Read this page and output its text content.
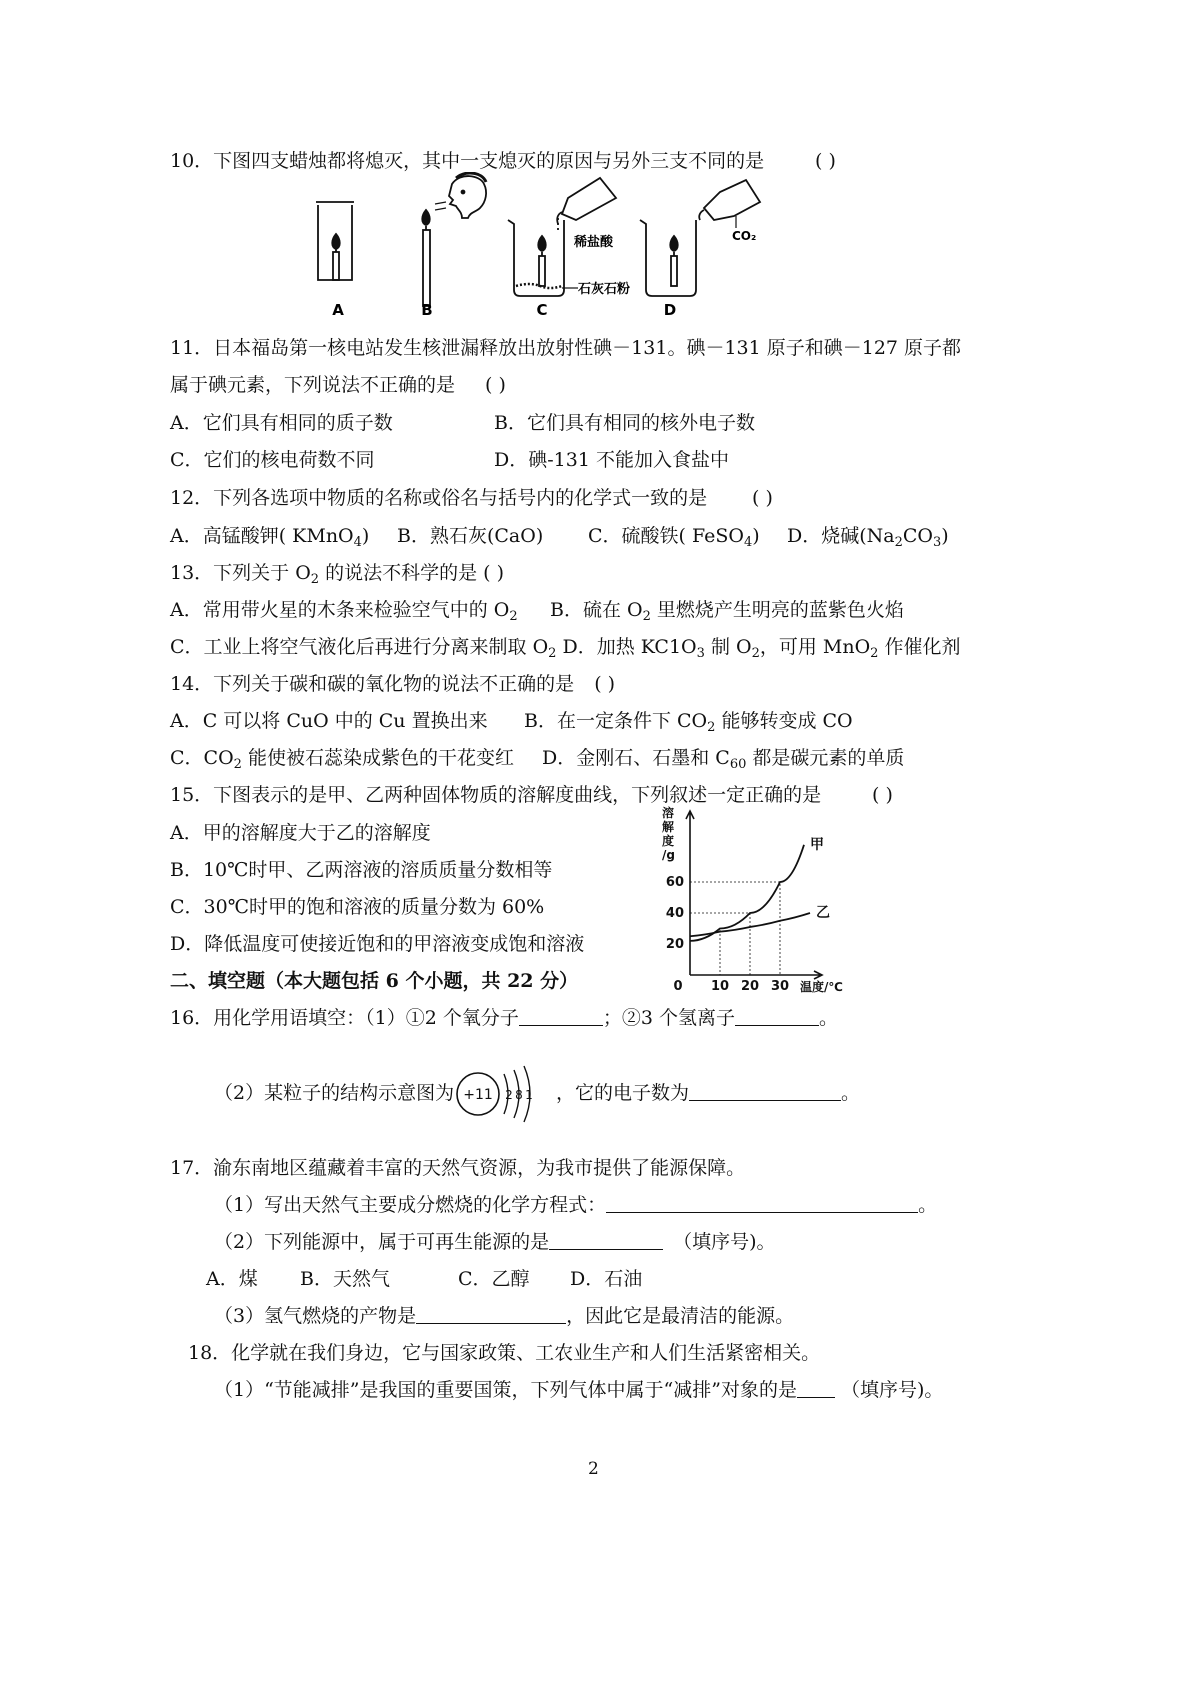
10．下图四支蜡烛都将熄灭，其中一支熄灭的原因与另外三支不同的是	( )
A	B	C	D
稀盐酸
石灰石粉
CO₂
11．日本福岛第一核电站发生核泄漏释放出放射性碘－131。碘－131 原子和碘－127 原子都
属于碘元素，下列说法不正确的是 ( )
A．它们具有相同的质子数	B．它们具有相同的核外电子数
C．它们的核电荷数不同	D．碘-131 不能加入食盐中
12．下列各选项中物质的名称或俗名与括号内的化学式一致的是 ( )
A．高锰酸钾( KMnO$_4$) B．熟石灰(CaO) C．硫酸铁( FeSO$_4$) D．烧碱$(Na_2CO_3)$
13．下列关于 $O_2$ 的说法不科学的是 ( )
A．常用带火星的木条来检验空气中的 $O_2$ B．硫在 $O_2$ 里燃烧产生明亮的蓝紫色火焰
C．工业上将空气液化后再进行分离来制取 $O_2$ D．加热 $KC1O_3$ 制 $O_2$，可用 MnO$_2$ 作催化剂
14．下列关于碳和碳的氧化物的说法不正确的是 ( )
A．C 可以将 CuO 中的 Cu 置换出来 B．在一定条件下 $CO_2$ 能够转变成 CO
C．$CO_2$ 能使被石蕊染成紫色的干花变红 D．金刚石、石墨和 $C_{60}$ 都是碳元素的单质
15．下图表示的是甲、乙两种固体物质的溶解度曲线，下列叙述一定正确的是	( )
A．甲的溶解度大于乙的溶解度
B．10℃时甲、乙两溶液的溶质质量分数相等
C．30℃时甲的饱和溶液的质量分数为 60%
D．降低温度可使接近饱和的甲溶液变成饱和溶液
溶解度/g
温度/℃
20
40
60
0 10 20 30
甲
乙
二、填空题（本大题包括 6 个小题，共 22 分）
16．用化学用语填空：（1）①2 个氧分子	；②3 个氢离子	。
（2）某粒子的结构示意图为 +11 2 8 1 ，它的电子数为	。
17．渝东南地区蕴藏着丰富的天然气资源，为我市提供了能源保障。
（1）写出天然气主要成分燃烧的化学方程式：	。
（2）下列能源中，属于可再生能源的是	（填序号)。
A．煤 B．天然气	C．乙醇 D．石油
（3）氢气燃烧的产物是	，因此它是最清洁的能源。
18．化学就在我们身边，它与国家政策、工农业生产和人们生活紧密相关。
（1）“节能减排”是我国的重要国策，下列气体中属于“减排”对象的是 （填序号)。
2
